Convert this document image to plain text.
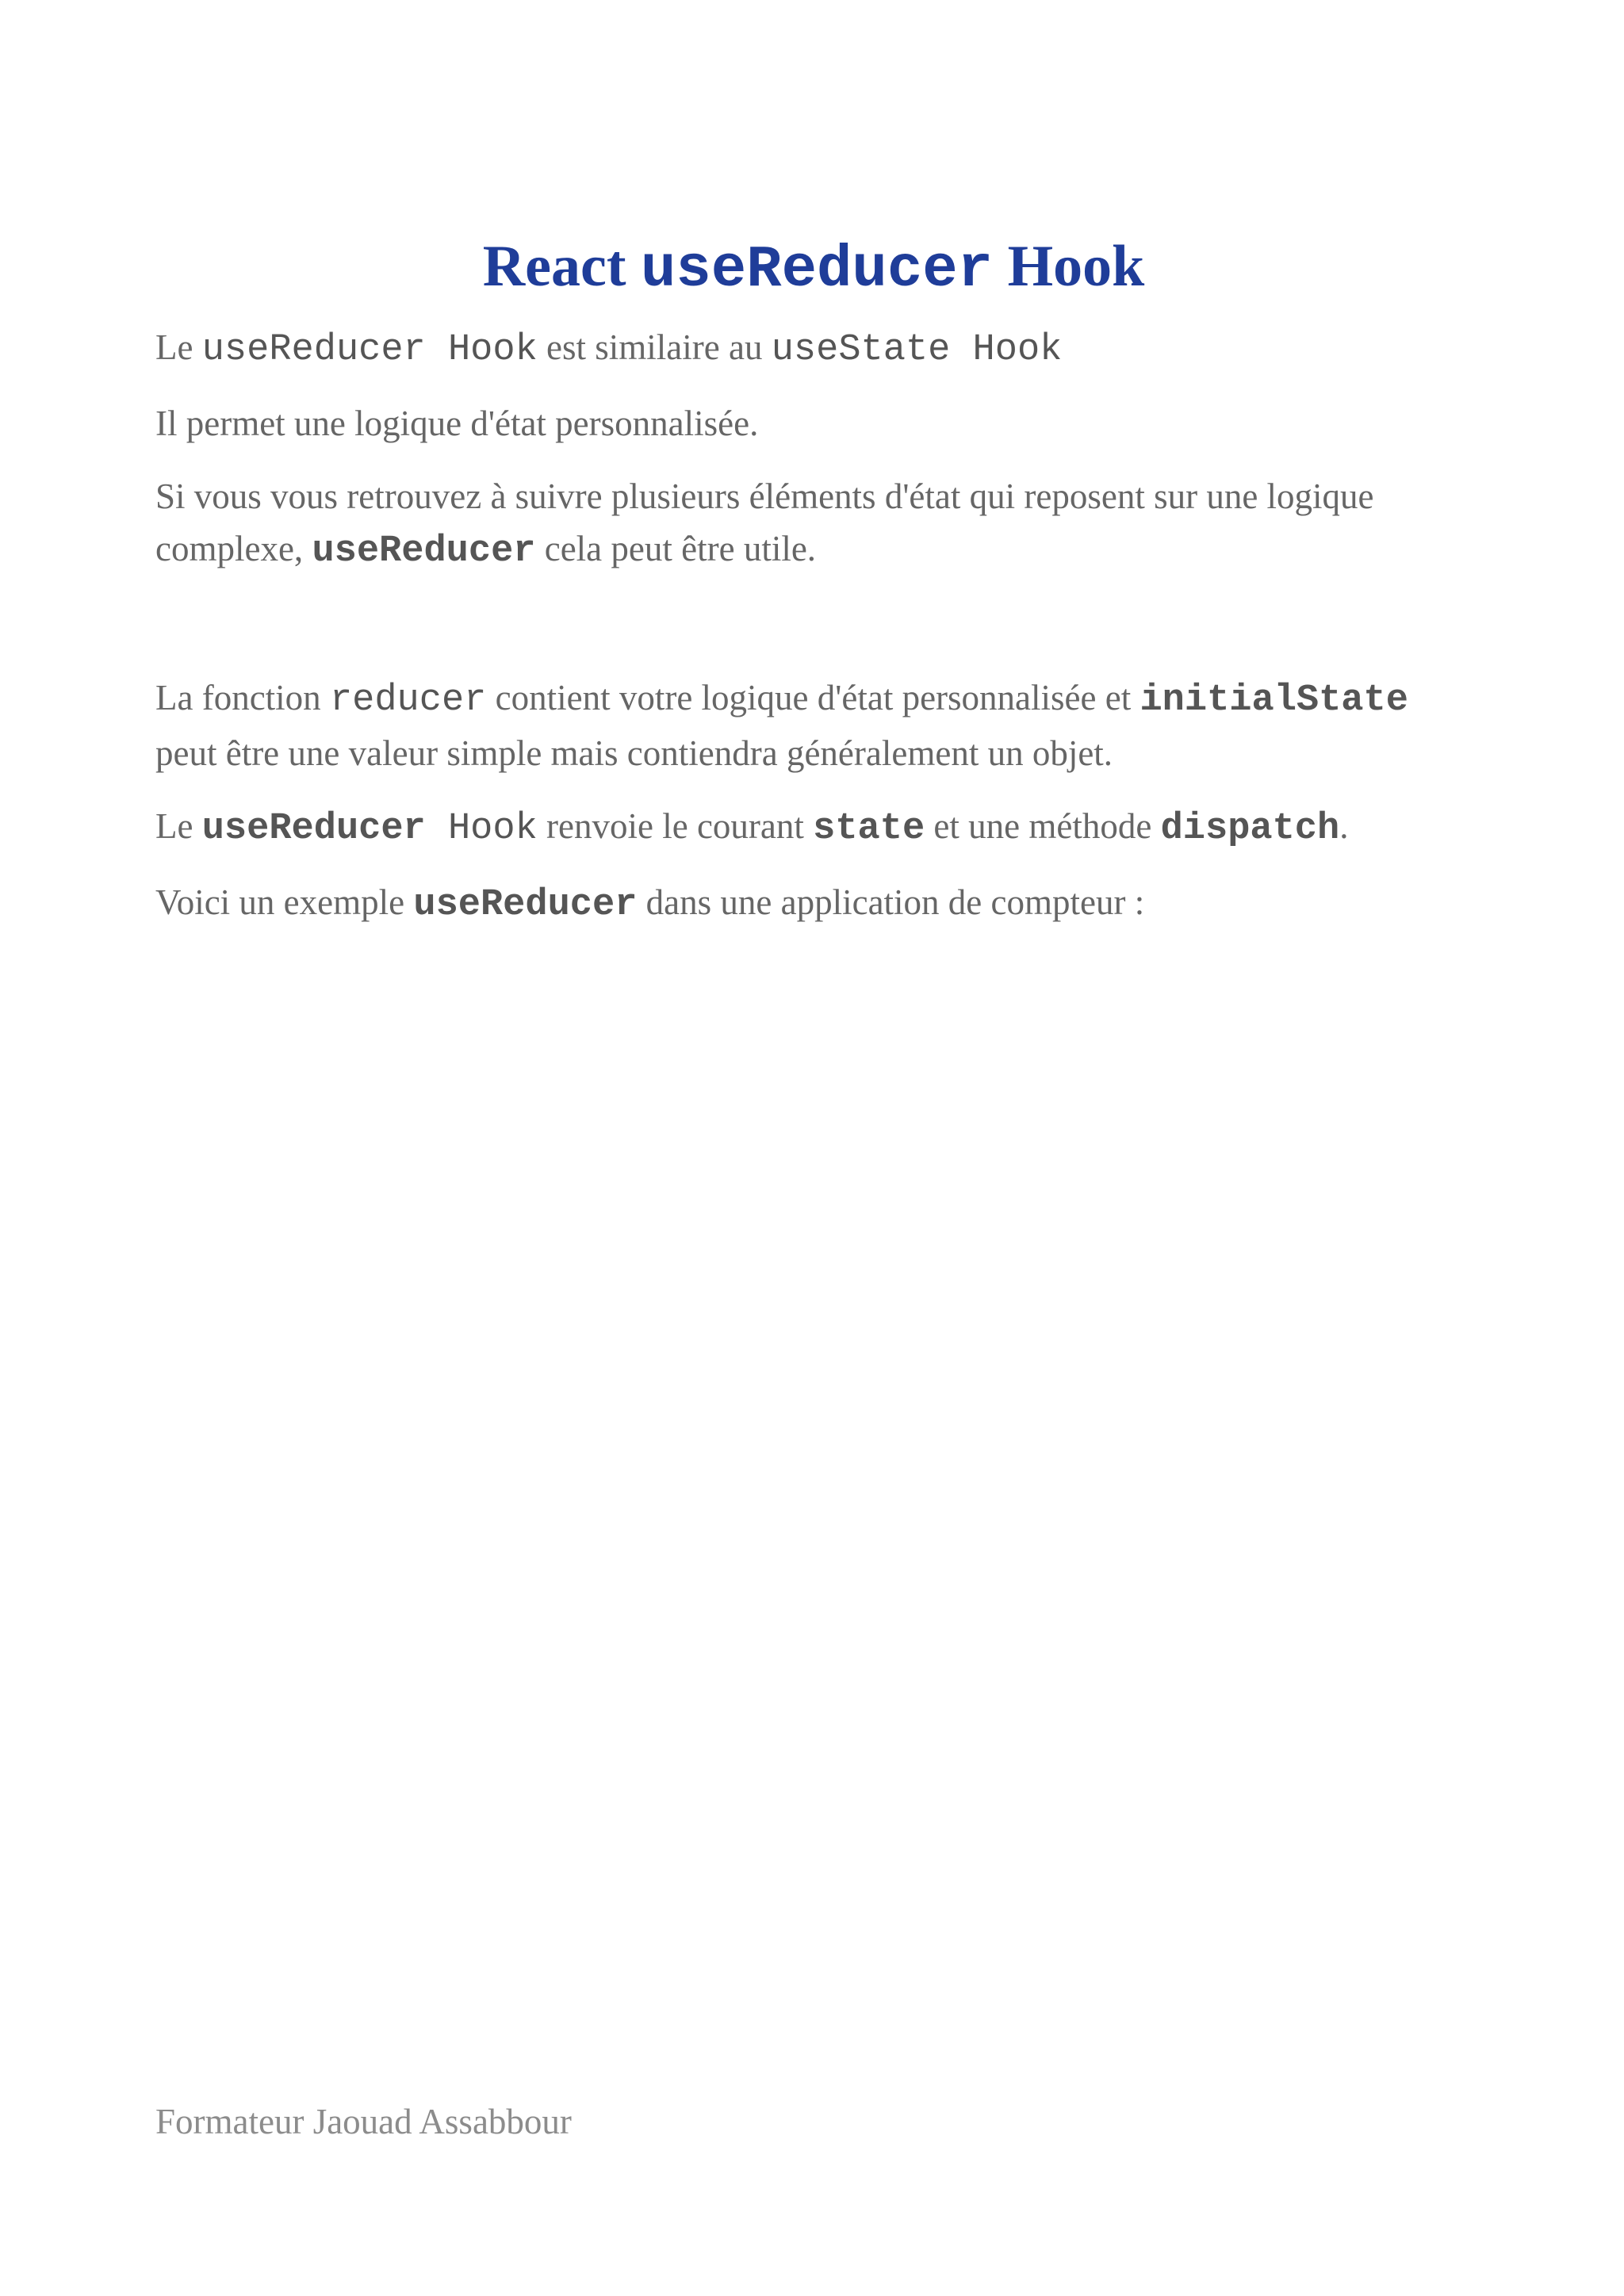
React useReducer Hook

Le useReducer Hook est similaire au useState Hook

Il permet une logique d'état personnalisée.

Si vous vous retrouvez à suivre plusieurs éléments d'état qui reposent sur une logique complexe, useReducer cela peut être utile.

La fonction reducer contient votre logique d'état personnalisée et initialState peut être une valeur simple mais contiendra généralement un objet.

Le useReducer Hook renvoie le courant state et une méthode dispatch.

Voici un exemple useReducer dans une application de compteur :

Formateur Jaouad Assabbour
